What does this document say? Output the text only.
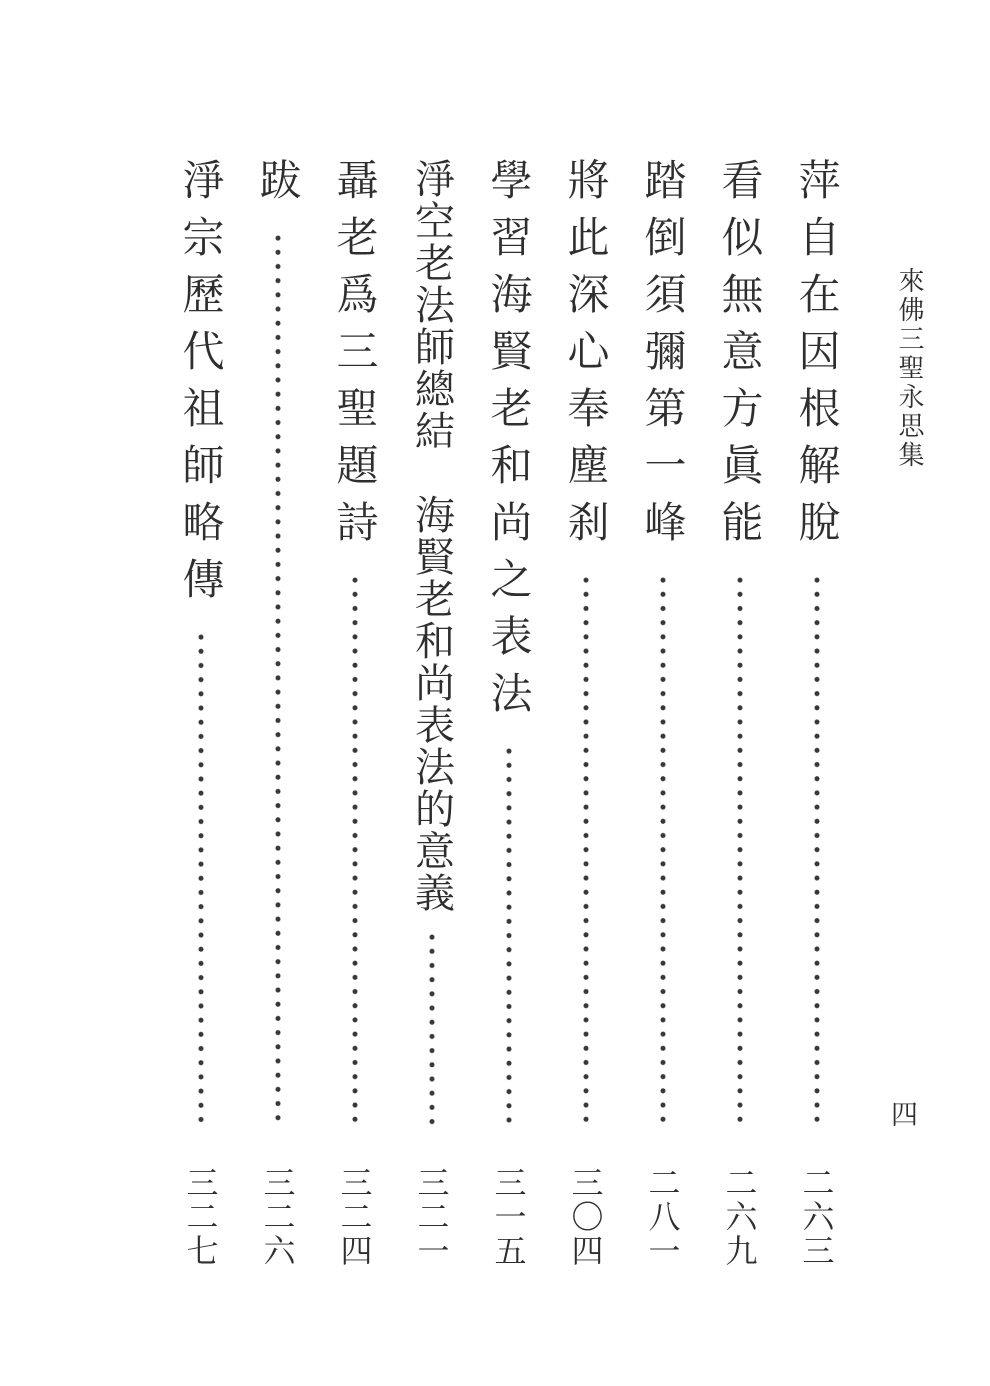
來佛三聖永思集
萍自在因根解脫
二六三
看似無意方眞能
二六九
踏倒須彌第一峰
二八一
將此深心奉塵刹
三〇四
學習海賢老和尚之表法
三一五
淨空老法師總結　海賢老和尚表法的意義
三二一
聶老爲三聖題詩
三二四
跋
三二六
淨宗歷代祖師略傳
三二七
四
